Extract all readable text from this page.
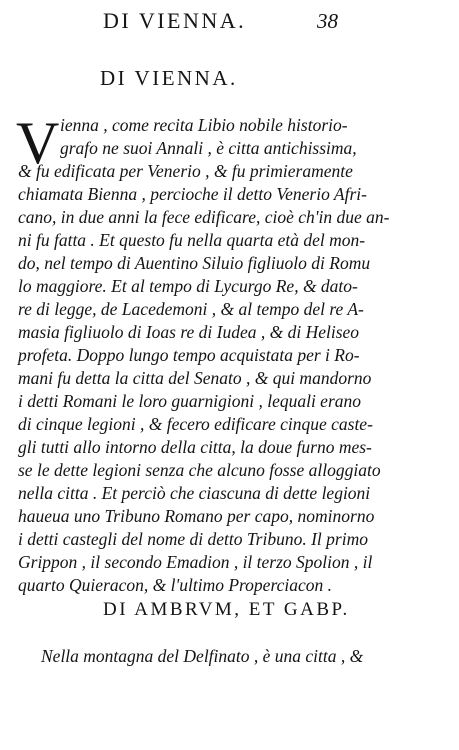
DI VIENNA.	38
DI VIENNA.
V ienna , come recita Libio nobile historio-
grafo ne suoi Annali , è citta antichissima,
& fu edificata per Venerio , & fu primieramente
chiamata Bienna , percioche il detto Venerio Afri-
cano, in due anni la fece edificare, cioè ch'in due an-
ni fu fatta . Et questo fu nella quarta età del mon-
do, nel tempo di Auentino Siluio figliuolo di Romu
lo maggiore. Et al tempo di Lycurgo Re, & dato-
re di legge, de Lacedemoni , & al tempo del re A-
masia figliuolo di Ioas re di Iudea , & di Heliseo
profeta. Doppo lungo tempo acquistata per i Ro-
mani fu detta la citta del Senato , & qui mandorno
i detti Romani le loro guarnigioni , lequali erano
di cinque legioni , & fecero edificare cinque caste-
gli tutti allo intorno della citta, la doue furno mes-
se le dette legioni senza che alcuno fosse alloggiato
nella citta . Et perciò che ciascuna di dette legioni
haueua uno Tribuno Romano per capo, nominorno
i detti castegli del nome di detto Tribuno. Il primo
Grippon , il secondo Emadion , il terzo Spolion , il
quarto Quieracon, & l'ultimo Properciacon .
DI AMBRVM, ET GABP.
Nella montagna del Delfinato , è una citta , &
